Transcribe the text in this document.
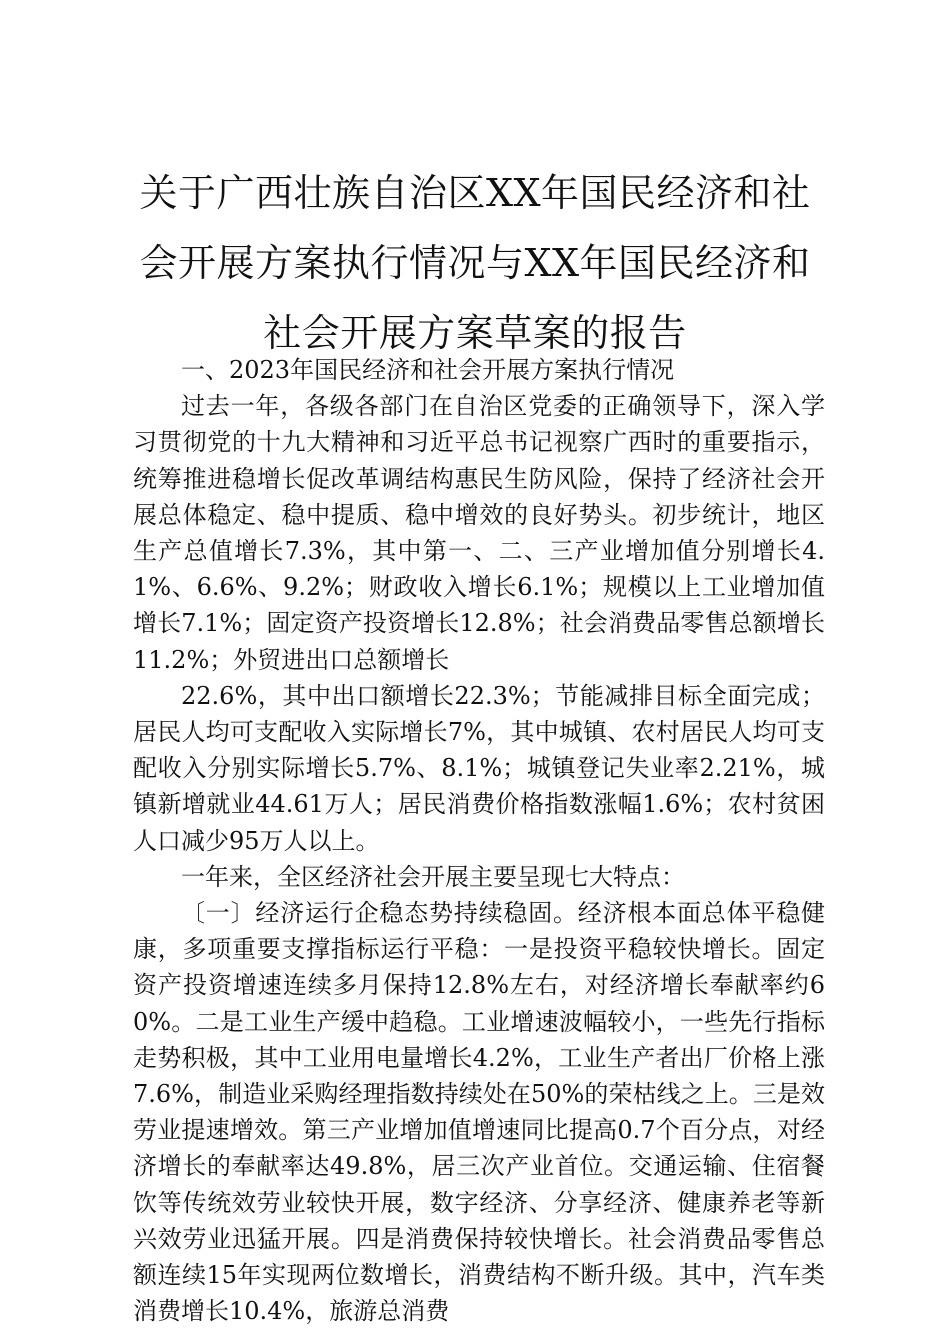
关于广西壮族自治区XX年国民经济和社会开展方案执行情况与XX年国民经济和社会开展方案草案的报告

一、2023年国民经济和社会开展方案执行情况

过去一年，各级各部门在自治区党委的正确领导下，深入学习贯彻党的十九大精神和习近平总书记视察广西时的重要指示，统筹推进稳增长促改革调结构惠民生防风险，保持了经济社会开展总体稳定、稳中提质、稳中增效的良好势头。初步统计，地区生产总值增长7.3%，其中第一、二、三产业增加值分别增长4.1%、6.6%、9.2%；财政收入增长6.1%；规模以上工业增加值增长7.1%；固定资产投资增长12.8%；社会消费品零售总额增长11.2%；外贸进出口总额增长

22.6%，其中出口额增长22.3%；节能减排目标全面完成；居民人均可支配收入实际增长7%，其中城镇、农村居民人均可支配收入分别实际增长5.7%、8.1%；城镇登记失业率2.21%，城镇新增就业44.61万人；居民消费价格指数涨幅1.6%；农村贫困人口减少95万人以上。

一年来，全区经济社会开展主要呈现七大特点：

〔一〕经济运行企稳态势持续稳固。经济根本面总体平稳健康，多项重要支撑指标运行平稳：一是投资平稳较快增长。固定资产投资增速连续多月保持12.8%左右，对经济增长奉献率约60%。二是工业生产缓中趋稳。工业增速波幅较小，一些先行指标走势积极，其中工业用电量增长4.2%，工业生产者出厂价格上涨7.6%，制造业采购经理指数持续处在50%的荣枯线之上。三是效劳业提速增效。第三产业增加值增速同比提高0.7个百分点，对经济增长的奉献率达49.8%，居三次产业首位。交通运输、住宿餐饮等传统效劳业较快开展，数字经济、分享经济、健康养老等新兴效劳业迅猛开展。四是消费保持较快增长。社会消费品零售总额连续15年实现两位数增长，消费结构不断升级。其中，汽车类消费增长10.4%，旅游总消费
